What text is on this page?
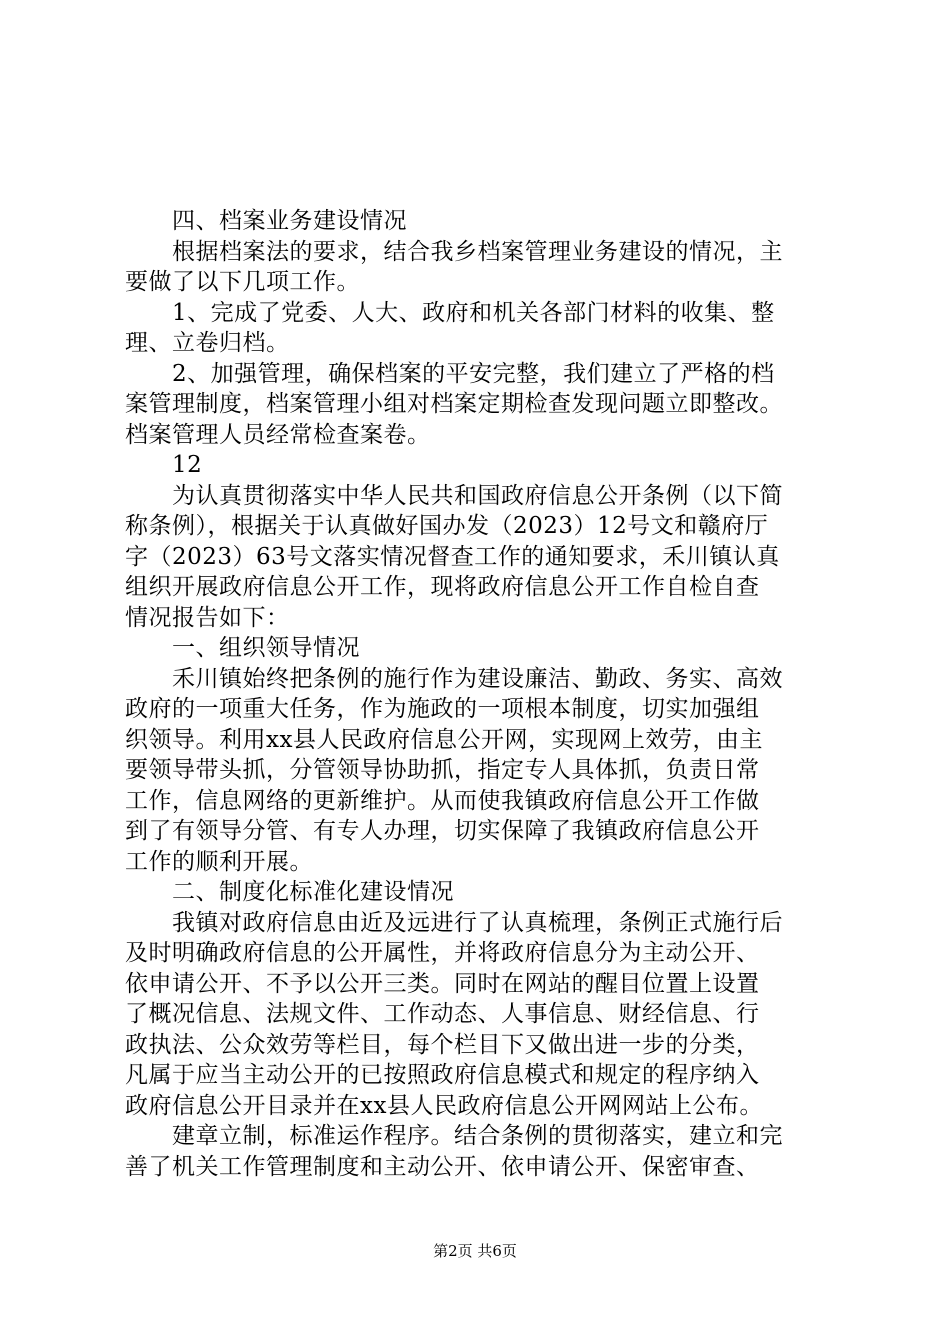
四、档案业务建设情况
根据档案法的要求，结合我乡档案管理业务建设的情况，主
要做了以下几项工作。
1、完成了党委、人大、政府和机关各部门材料的收集、整
理、立卷归档。
2、加强管理，确保档案的平安完整，我们建立了严格的档
案管理制度，档案管理小组对档案定期检查发现问题立即整改。
档案管理人员经常检查案卷。
12
为认真贯彻落实中华人民共和国政府信息公开条例（以下简
称条例），根据关于认真做好国办发（2023）12号文和赣府厅
字（2023）63号文落实情况督查工作的通知要求，禾川镇认真
组织开展政府信息公开工作，现将政府信息公开工作自检自查
情况报告如下：
一、组织领导情况
禾川镇始终把条例的施行作为建设廉洁、勤政、务实、高效
政府的一项重大任务，作为施政的一项根本制度，切实加强组
织领导。利用xx县人民政府信息公开网，实现网上效劳，由主
要领导带头抓，分管领导协助抓，指定专人具体抓，负责日常
工作，信息网络的更新维护。从而使我镇政府信息公开工作做
到了有领导分管、有专人办理，切实保障了我镇政府信息公开
工作的顺利开展。
二、制度化标准化建设情况
我镇对政府信息由近及远进行了认真梳理，条例正式施行后
及时明确政府信息的公开属性，并将政府信息分为主动公开、
依申请公开、不予以公开三类。同时在网站的醒目位置上设置
了概况信息、法规文件、工作动态、人事信息、财经信息、行
政执法、公众效劳等栏目，每个栏目下又做出进一步的分类，
凡属于应当主动公开的已按照政府信息模式和规定的程序纳入
政府信息公开目录并在xx县人民政府信息公开网网站上公布。
建章立制，标准运作程序。结合条例的贯彻落实，建立和完
善了机关工作管理制度和主动公开、依申请公开、保密审查、
第2页 共6页
